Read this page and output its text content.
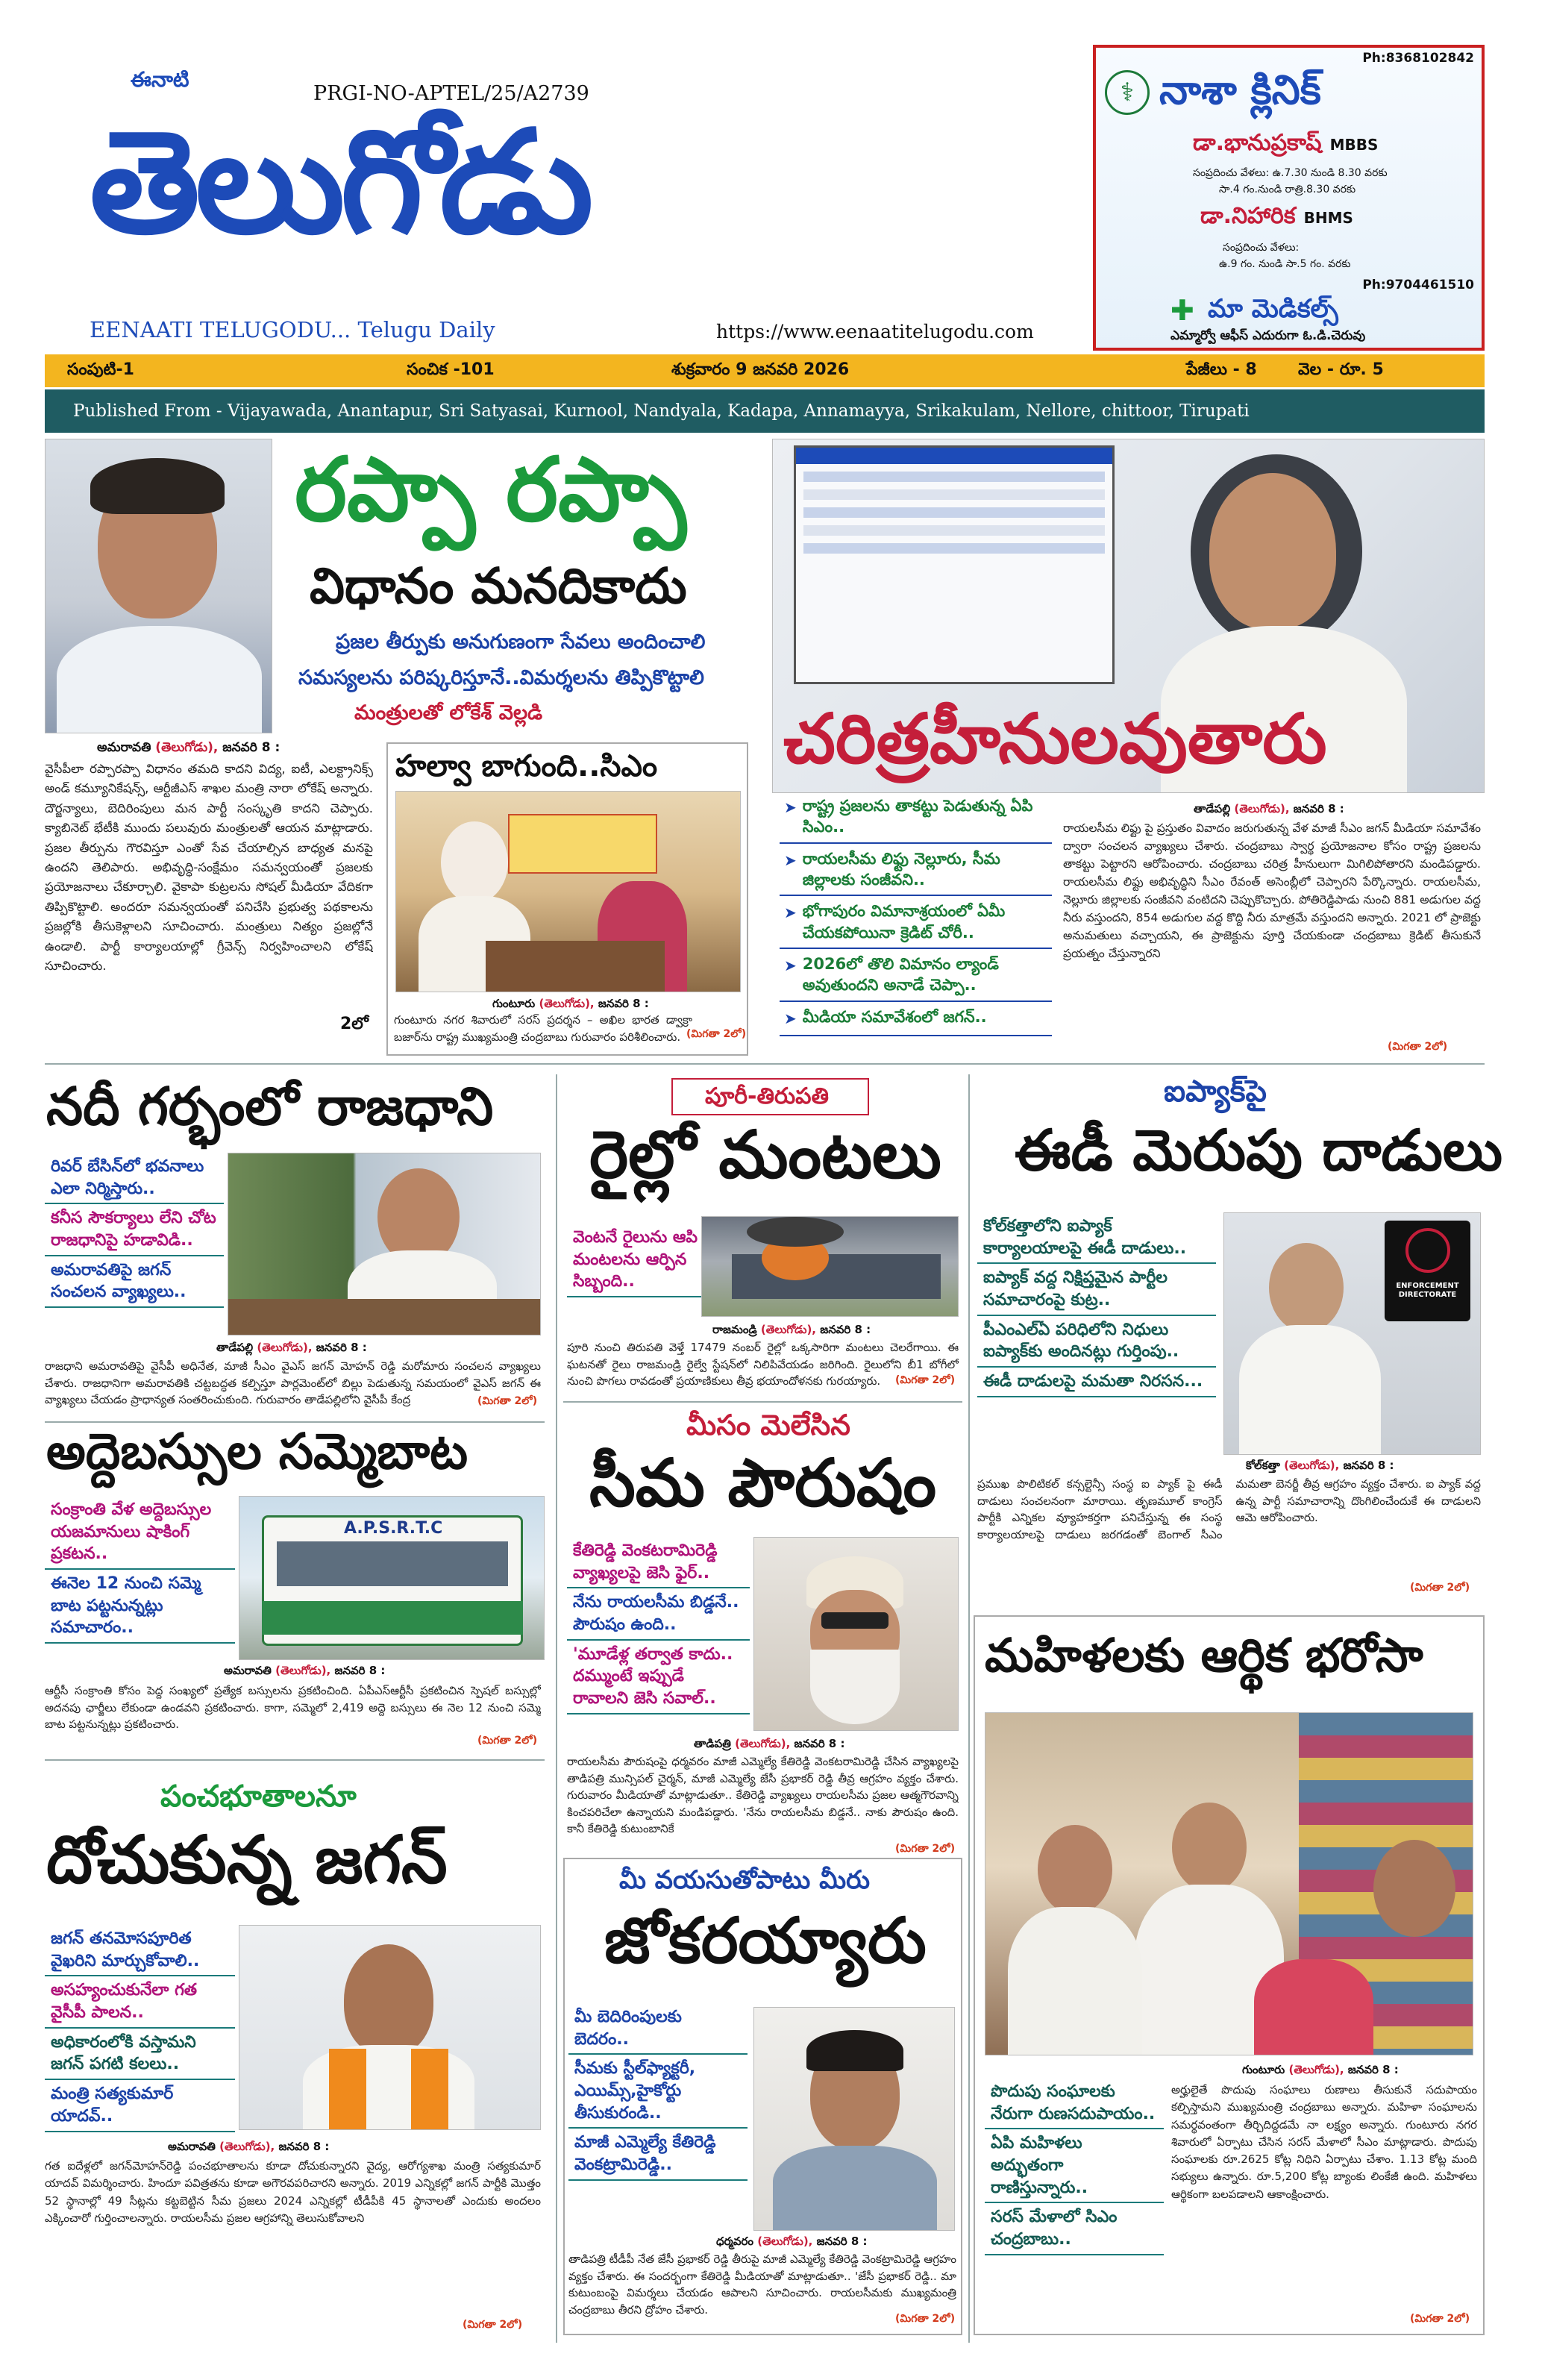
ఈనాటి
PRGI-NO-APTEL/25/A2739
తెలుగోడు
EENAATI TELUGODU... Telugu Daily	https://www.eenaatitelugodu.com
Ph:8368102842
⚕ నాశా క్లినిక్
డా.భానుప్రకాష్ MBBS
సంప్రదించు వేళలు: ఉ.7.30 నుండి 8.30 వరకు
సా.4 గం.నుండి రాత్రి.8.30 వరకు
డా.నిహారిక BHMS
సంప్రదించు వేళలు:
ఉ.9 గం. నుండి సా.5 గం. వరకు
Ph:9704461510
✚ మా మెడికల్స్
ఎమ్మార్వో ఆఫీస్ ఎదురుగా ఓ.డి.చెరువు
సంపుటి-1	సంచిక -101	శుక్రవారం 9 జనవరి 2026	పేజీలు - 8	వెల - రూ. 5
Published From - Vijayawada, Anantapur, Sri Satyasai, Kurnool, Nandyala, Kadapa, Annamayya, Srikakulam, Nellore, chittoor, Tirupati
రప్పా రప్పా
విధానం మనదికాదు
ప్రజల తీర్పుకు అనుగుణంగా సేవలు అందించాలి
సమస్యలను పరిష్కరిస్తూనే..విమర్శలను తిప్పికొట్టాలి
మంత్రులతో లోకేశ్ వెల్లడి
అమరావతి (తెలుగోడు), జనవరి 8 :
వైసీపీలా రప్పారప్పా విధానం తమది కాదని విద్య, ఐటీ, ఎలక్ట్రానిక్స్ అండ్ కమ్యూనికేషన్స్, ఆర్టీజీఎస్ శాఖల మంత్రి నారా లోకేష్ అన్నారు. దౌర్జన్యాలు, బెదిరింపులు మన పార్టీ సంస్కృతి కాదని చెప్పారు. క్యాబినెట్ భేటీకి ముందు పలువురు మంత్రులతో ఆయన మాట్లాడారు. ప్రజల తీర్పును గౌరవిస్తూ ఎంతో సేవ చేయాల్సిన బాధ్యత మనపై ఉందని తెలిపారు. అభివృద్ధి-సంక్షేమం సమన్వయంతో ప్రజలకు ప్రయోజనాలు చేకూర్చాలి. వైకాపా కుట్రలను సోషల్ మీడియా వేదికగా తిప్పికొట్టాలి. అందరూ సమన్వయంతో పనిచేసి ప్రభుత్వ పథకాలను ప్రజల్లోకి తీసుకెళ్లాలని సూచించారు. మంత్రులు నిత్యం ప్రజల్లోనే ఉండాలి. పార్టీ కార్యాలయాల్లో గ్రీవెన్స్ నిర్వహించాలని లోకేష్ సూచించారు.
2లో
హల్వా బాగుంది..సిఎం
గుంటూరు (తెలుగోడు), జనవరి 8 :
గుంటూరు నగర శివారులో సరస్ ప్రదర్శన – అఖిల భారత డ్వాక్రా బజార్‌ను రాష్ట్ర ముఖ్యమంత్రి చంద్రబాబు గురువారం పరిశీలించారు. (మిగతా 2లో)
చరిత్రహీనులవుతారు
➤ రాష్ట్ర ప్రజలను తాకట్టు పెడుతున్న ఏపి సిఎం..
➤ రాయలసీమ లిఫ్టు నెల్లూరు, సీమ జిల్లాలకు సంజీవని..
➤ భోగాపురం విమానాశ్రయంలో ఏమీ చేయకపోయినా క్రెడిట్ చోరీ..
➤ 2026లో తొలి విమానం ల్యాండ్ అవుతుందని అనాడే చెప్పా..
➤ మీడియా సమావేశంలో జగన్..
తాడేపల్లి (తెలుగోడు), జనవరి 8 :
రాయలసీమ లిఫ్టు పై ప్రస్తుతం వివాదం జరుగుతున్న వేళ మాజీ సీఎం జగన్ మీడియా సమావేశం ద్వారా సంచలన వ్యాఖ్యలు చేశారు. చంద్రబాబు స్వార్థ ప్రయోజనాల కోసం రాష్ట్ర ప్రజలను తాకట్టు పెట్టారని ఆరోపించారు. చంద్రబాబు చరిత్ర హీనులుగా మిగిలిపోతారని మండిపడ్డారు. రాయలసీమ లిఫ్టు అభివృద్ధిని సీఎం రేవంత్ అసెంబ్లీలో చెప్పారని పేర్కొన్నారు. రాయలసీమ, నెల్లూరు జిల్లాలకు సంజీవని వంటిదని చెప్పుకొచ్చారు. పోతిరెడ్డిపాడు నుంచి 881 అడుగుల వద్ద నీరు వస్తుందని, 854 అడుగుల వద్ద కొద్ది నీరు మాత్రమే వస్తుందని అన్నారు. 2021 లో ప్రాజెక్టు అనుమతులు వచ్చాయని, ఈ ప్రాజెక్టును పూర్తి చేయకుండా చంద్రబాబు క్రెడిట్ తీసుకునే ప్రయత్నం చేస్తున్నారని
(మిగతా 2లో)
నదీ గర్భంలో రాజధాని
రివర్ బేసిన్‌లో భవనాలు ఎలా నిర్మిస్తారు..
కనీస సౌకర్యాలు లేని చోట రాజధానిపై హడావిడి..
అమరావతిపై జగన్ సంచలన వ్యాఖ్యలు..
తాడేపల్లి (తెలుగోడు), జనవరి 8 :
రాజధాని అమరావతిపై వైసీపీ అధినేత, మాజీ సీఎం వైఎస్ జగన్ మోహన్ రెడ్డి మరోమారు సంచలన వ్యాఖ్యలు చేశారు. రాజధానిగా అమరావతికి చట్టబద్ధత కల్పిస్తూ పార్లమెంట్‌లో బిల్లు పెడుతున్న సమయంలో వైఎస్ జగన్ ఈ వ్యాఖ్యలు చేయడం ప్రాధాన్యత సంతరించుకుంది. గురువారం తాడేపల్లిలోని వైసీపీ కేంద్ర	(మిగతా 2లో)
అద్దెబస్సుల సమ్మెబాట
సంక్రాంతి వేళ అద్దెబస్సుల యజమానులు షాకింగ్ ప్రకటన..
ఈనెల 12 నుంచి సమ్మె బాట పట్టనున్నట్లు సమాచారం..
A.P.S.R.T.C
అమరావతి (తెలుగోడు), జనవరి 8 :
ఆర్టీసీ సంక్రాంతి కోసం పెద్ద సంఖ్యలో ప్రత్యేక బస్సులను ప్రకటించింది. ఏపీఎస్ఆర్టీసీ ప్రకటించిన స్పెషల్ బస్సుల్లో అదనపు ఛార్జీలు లేకుండా ఉండవని ప్రకటించారు. కాగా, సమ్మెలో 2,419 అద్దె బస్సులు ఈ నెల 12 నుంచి సమ్మె బాట పట్టనున్నట్లు ప్రకటించారు.
(మిగతా 2లో)
పంచభూతాలనూ
దోచుకున్న జగన్
జగన్ తనమోసపూరిత వైఖరిని మార్చుకోవాలి..
అసహ్యంచుకునేలా గత వైసీపీ పాలన..
అధికారంలోకి వస్తామని జగన్ పగటి కలలు..
మంత్రి సత్యకుమార్ యాదవ్..
అమరావతి (తెలుగోడు), జనవరి 8 :
గత ఐదేళ్లలో జగన్‌మోహన్‌రెడ్డి పంచభూతాలను కూడా దోచుకున్నారని వైద్య, ఆరోగ్యశాఖ మంత్రి సత్యకుమార్ యాదవ్ విమర్శించారు. హిందూ పవిత్రతను కూడా అగౌరవపరిచారని అన్నారు. 2019 ఎన్నికల్లో జగన్ పార్టీకి మొత్తం 52 స్థానాల్లో 49 సీట్లను కట్టబెట్టిన సీమ ప్రజలు 2024 ఎన్నికల్లో టీడీపీకి 45 స్థానాలతో ఎందుకు అందలం ఎక్కించారో గుర్తించాలన్నారు. రాయలసీమ ప్రజల ఆగ్రహాన్ని తెలుసుకోవాలని
(మిగతా 2లో)
పూరీ-తిరుపతి
రైల్లో మంటలు
వెంటనే రైలును ఆపి మంటలను ఆర్పిన సిబ్బంది..
రాజమండ్రి (తెలుగోడు), జనవరి 8 :
పూరి నుంచి తిరుపతి వెళ్తే 17479 నంబర్ రైల్లో ఒక్కసారిగా మంటలు చెలరేగాయి. ఈ ఘటనతో రైలు రాజమండ్రి రైల్వే స్టేషన్‌లో నిలిపివేయడం జరిగింది. రైలులోని బీ1 బోగీలో నుంచి పొగలు రావడంతో ప్రయాణికులు తీవ్ర భయాందోళనకు గురయ్యారు.	(మిగతా 2లో)
మీసం మెలేసిన
సీమ పౌరుషం
కేతిరెడ్డి వెంకటరామిరెడ్డి వ్యాఖ్యలపై జెసి ఫైర్..
నేను రాయలసీమ బిడ్డనే.. పౌరుషం ఉంది..
'మూడేళ్ల తర్వాత కాదు.. దమ్ముంటే ఇప్పుడే రావాలని జెసి సవాల్..
తాడిపత్రి (తెలుగోడు), జనవరి 8 :
రాయలసీమ పౌరుషంపై ధర్మవరం మాజీ ఎమ్మెల్యే కేతిరెడ్డి వెంకటరామిరెడ్డి చేసిన వ్యాఖ్యలపై తాడిపత్రి మున్సిపల్ చైర్మన్, మాజీ ఎమ్మెల్యే జేసీ ప్రభాకర్ రెడ్డి తీవ్ర ఆగ్రహం వ్యక్తం చేశారు. గురువారం మీడియాతో మాట్లాడుతూ.. కేతిరెడ్డి వ్యాఖ్యలు రాయలసీమ ప్రజల ఆత్మగౌరవాన్ని కించపరిచేలా ఉన్నాయని మండిపడ్డారు. 'నేను రాయలసీమ బిడ్డనే.. నాకు పౌరుషం ఉంది. కానీ కేతిరెడ్డి కుటుంబానికే
(మిగతా 2లో)
మీ వయసుతోపాటు మీరు
జోకరయ్యారు
మీ బెదిరింపులకు బెదరం..
సీమకు స్టీల్‌ఫ్యాక్టరీ, ఎయిమ్స్,హైకోర్టు తీసుకురండి..
మాజీ ఎమ్మెల్యే కేతిరెడ్డి వెంకట్రామిరెడ్డి..
ధర్మవరం (తెలుగోడు), జనవరి 8 :
తాడిపత్రి టీడీపీ నేత జేసీ ప్రభాకర్ రెడ్డి తీరుపై మాజీ ఎమ్మెల్యే కేతిరెడ్డి వెంకట్రామిరెడ్డి ఆగ్రహం వ్యక్తం చేశారు. ఈ సందర్భంగా కేతిరెడ్డి మీడియాతో మాట్లాడుతూ.. 'జేసీ ప్రభాకర్ రెడ్డి.. మా కుటుంబంపై విమర్శలు చేయడం ఆపాలని సూచించారు. రాయలసీమకు ముఖ్యమంత్రి చంద్రబాబు తీరని ద్రోహం చేశారు.
(మిగతా 2లో)
ఐప్యాక్‌పై
ఈడీ మెరుపు దాడులు
కోల్‌కత్తాలోని ఐప్యాక్ కార్యాలయాలపై ఈడీ దాడులు..
ఐప్యాక్ వద్ద నిక్షిప్తమైన పార్టీల సమాచారంపై కుట్ర..
పీఎంఎల్ఏ పరిధిలోని నిధులు ఐప్యాక్‌కు అందినట్లు గుర్తింపు..
ఈడీ దాడులపై మమతా నిరసన...
ENFORCEMENT DIRECTORATE
కోల్‌కత్తా (తెలుగోడు), జనవరి 8 :
ప్రముఖ పొలిటికల్ కన్సల్టెన్సీ సంస్థ ఐ ప్యాక్ పై ఈడీ దాడులు సంచలనంగా మారాయి. తృణమూల్ కాంగ్రెస్ పార్టీకి ఎన్నికల వ్యూహకర్తగా పనిచేస్తున్న ఈ సంస్థ కార్యాలయాలపై దాడులు జరగడంతో బెంగాల్ సీఎం మమతా బెనర్జీ తీవ్ర ఆగ్రహం వ్యక్తం చేశారు. ఐ ప్యాక్ వద్ద ఉన్న పార్టీ సమాచారాన్ని దొంగిలించేందుకే ఈ దాడులని ఆమె ఆరోపించారు.
(మిగతా 2లో)
మహిళలకు ఆర్థిక భరోసా
గుంటూరు (తెలుగోడు), జనవరి 8 :
పొదుపు సంఘాలకు నేరుగా రుణసదుపాయం..
ఏపి మహిళలు అద్భుతంగా రాణిస్తున్నారు..
సరస్ మేళాలో సిఎం చంద్రబాబు..
అర్హులైతే పొదుపు సంఘాలు రుణాలు తీసుకునే సదుపాయం కల్పిస్తామని ముఖ్యమంత్రి చంద్రబాబు అన్నారు. మహిళా సంఘాలను సమర్థవంతంగా తీర్చిదిద్దడమే నా లక్ష్యం అన్నారు. గుంటూరు నగర శివారులో ఏర్పాటు చేసిన సరస్ మేళాలో సీఎం మాట్లాడారు. పొదుపు సంఘాలకు రూ.2625 కోట్ల నిధిని ఏర్పాటు చేశాం. 1.13 కోట్ల మంది సభ్యులు ఉన్నారు. రూ.5,200 కోట్ల బ్యాంకు లింకేజీ ఉంది. మహిళలు ఆర్థికంగా బలపడాలని ఆకాంక్షించారు.
(మిగతా 2లో)
